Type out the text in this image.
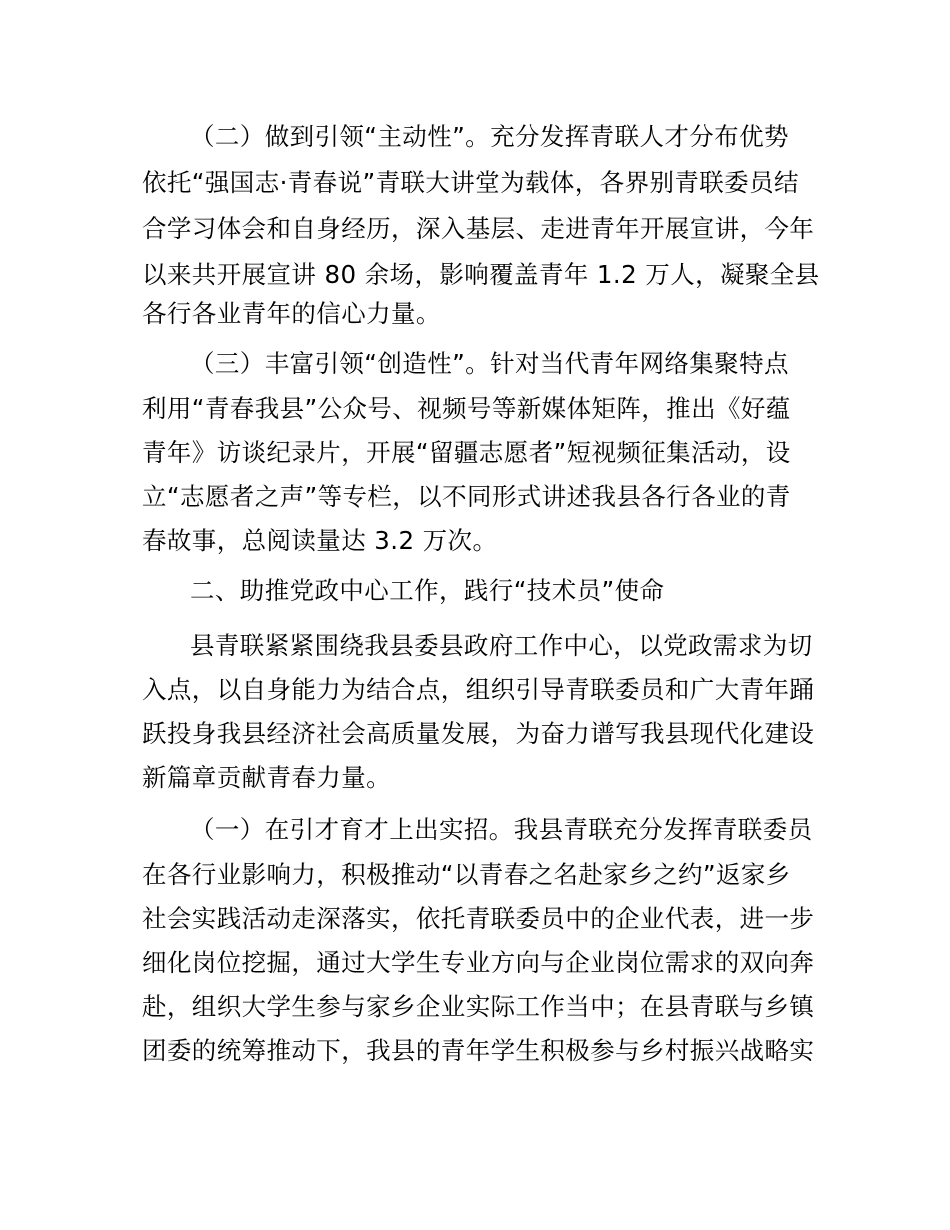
（二）做到引领“主动性”。充分发挥青联人才分布优势
依托“强国志·青春说”青联大讲堂为载体，各界别青联委员结
合学习体会和自身经历，深入基层、走进青年开展宣讲，今年
以来共开展宣讲 80 余场，影响覆盖青年 1.2 万人，凝聚全县
各行各业青年的信心力量。
（三）丰富引领“创造性”。针对当代青年网络集聚特点
利用“青春我县”公众号、视频号等新媒体矩阵，推出《好蕴
青年》访谈纪录片，开展“留疆志愿者”短视频征集活动，设
立“志愿者之声”等专栏，以不同形式讲述我县各行各业的青
春故事，总阅读量达 3.2 万次。
二、助推党政中心工作，践行“技术员”使命
县青联紧紧围绕我县委县政府工作中心，以党政需求为切
入点，以自身能力为结合点，组织引导青联委员和广大青年踊
跃投身我县经济社会高质量发展，为奋力谱写我县现代化建设
新篇章贡献青春力量。
（一）在引才育才上出实招。我县青联充分发挥青联委员
在各行业影响力，积极推动“以青春之名赴家乡之约”返家乡
社会实践活动走深落实，依托青联委员中的企业代表，进一步
细化岗位挖掘，通过大学生专业方向与企业岗位需求的双向奔
赴，组织大学生参与家乡企业实际工作当中；在县青联与乡镇
团委的统筹推动下，我县的青年学生积极参与乡村振兴战略实
